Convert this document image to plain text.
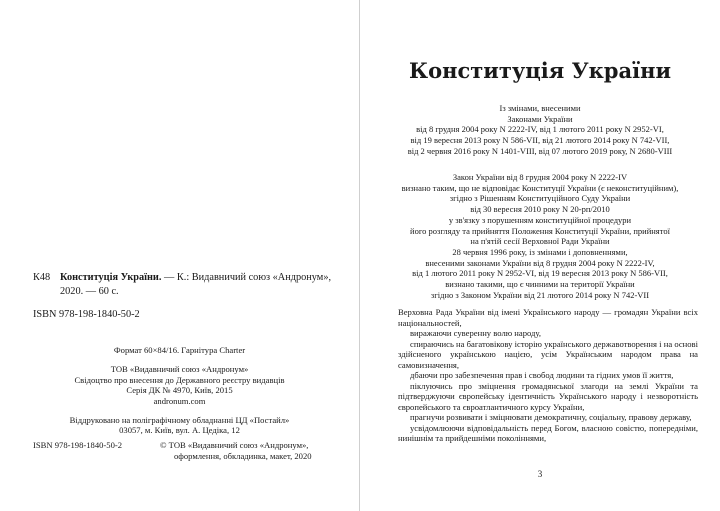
К48 Конституція України. — К.: Видавничий союз «Андронум»,
2020. — 60 с.
ISBN 978-198-1840-50-2
Формат 60×84/16. Гарнітура Charter
ТОВ «Видавничий союз «Андронум»
Свідоцтво про внесення до Державного реєстру видавців
Серія ДК № 4970, Київ, 2015
andronum.com
Віддруковано на поліграфічному обладнанні ЦД «Постайл»
03057, м. Київ, вул. А. Цедіка, 12
ISBN 978-198-1840-50-2	© ТОВ «Видавничий союз «Андронум»,
оформлення, обкладинка, макет, 2020
Конституція України
Із змінами, внесеними
Законами України
від 8 грудня 2004 року N 2222-IV, від 1 лютого 2011 року N 2952-VI,
від 19 вересня 2013 року N 586-VII, від 21 лютого 2014 року N 742-VII,
від 2 червня 2016 року N 1401-VIII, від 07 лютого 2019 року, N 2680-VIII
Закон України від 8 грудня 2004 року N 2222-IV
визнано таким, що не відповідає Конституції України (є неконституційним),
згідно з Рішенням Конституційного Суду України
від 30 вересня 2010 року N 20-рп/2010
у зв'язку з порушенням конституційної процедури
його розгляду та прийняття Положення Конституції України, прийнятої
на п'ятій сесії Верховної Ради України
28 червня 1996 року, із змінами і доповненнями,
внесеними законами України від 8 грудня 2004 року N 2222-IV,
від 1 лютого 2011 року N 2952-VI, від 19 вересня 2013 року N 586-VII,
визнано такими, що є чинними на території України
згідно з Законом України від 21 лютого 2014 року N 742-VII

Верховна Рада України від імені Українського народу — громадян України всіх національностей,

виражаючи суверенну волю народу,

спираючись на багатовікову історію українського державотворення і на основі здійсненого українською нацією, усім Українським народом права на самовизначення,

дбаючи про забезпечення прав і свобод людини та гідних умов її життя,

піклуючись про зміцнення громадянської злагоди на землі України та підтверджуючи європейську ідентичність Українського народу і незворотність європейського та євроатлантичного курсу України,

прагнучи розвивати і зміцнювати демократичну, соціальну, правову державу,

усвідомлюючи відповідальність перед Богом, власною совістю, попередніми, нинішнім та прийдешніми поколіннями,

3
